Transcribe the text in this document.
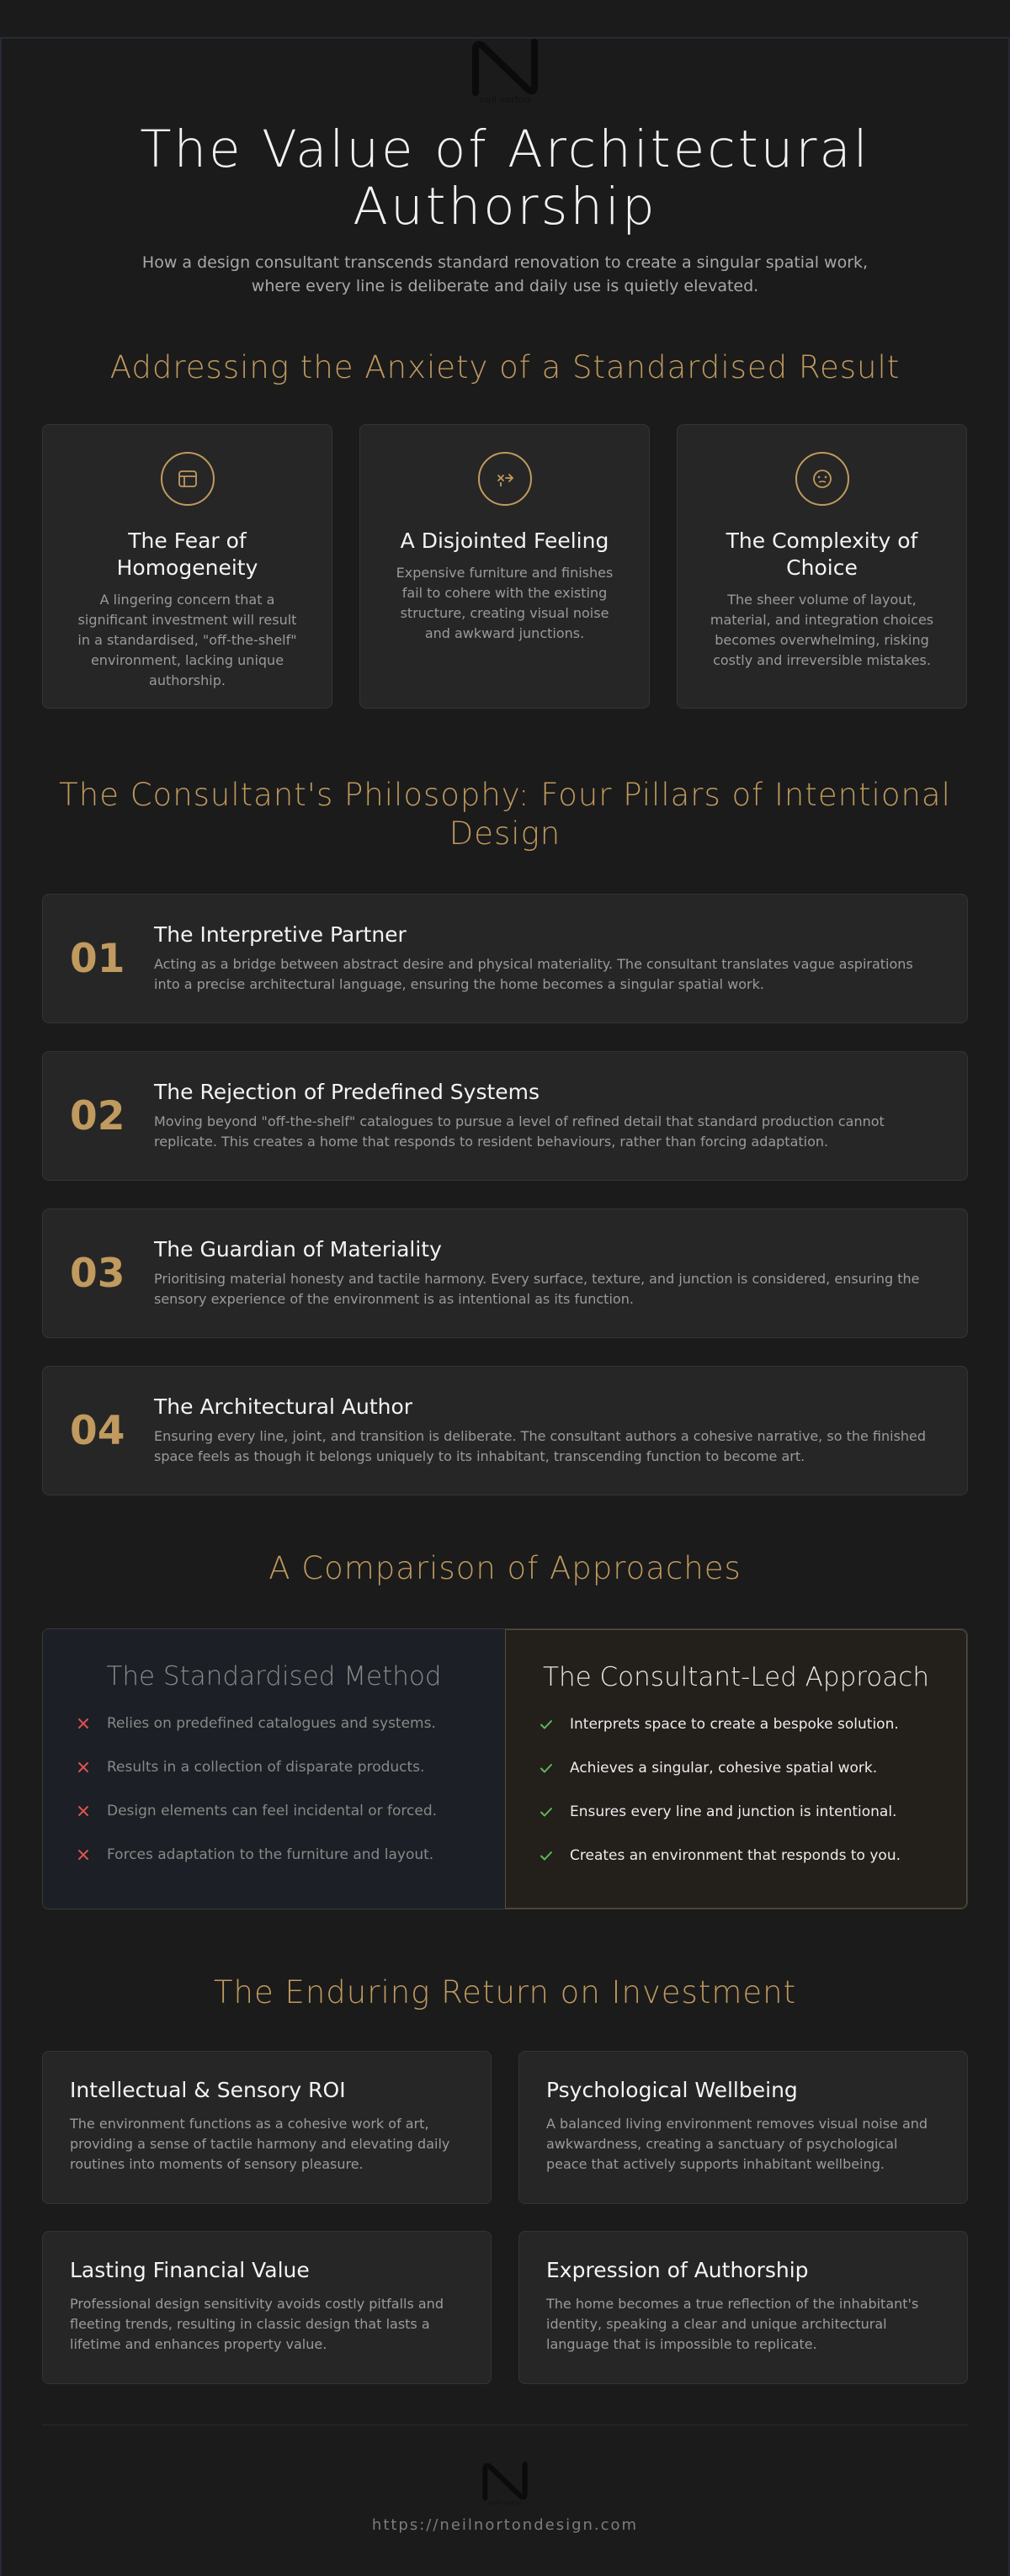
neil norton
The Value of Architectural Authorship

How a design consultant transcends standard renovation to create a singular spatial work, where every line is deliberate and daily use is quietly elevated.

Addressing the Anxiety of a Standardised Result
The Fear of Homogeneity

A lingering concern that a significant investment will result in a standardised, "off-the-shelf" environment, lacking unique authorship.

A Disjointed Feeling

Expensive furniture and finishes fail to cohere with the existing structure, creating visual noise and awkward junctions.

The Complexity of Choice

The sheer volume of layout, material, and integration choices becomes overwhelming, risking costly and irreversible mistakes.

The Consultant's Philosophy: Four Pillars of Intentional Design
01
The Interpretive Partner

Acting as a bridge between abstract desire and physical materiality. The consultant translates vague aspirations into a precise architectural language, ensuring the home becomes a singular spatial work.

02
The Rejection of Predefined Systems

Moving beyond "off-the-shelf" catalogues to pursue a level of refined detail that standard production cannot replicate. This creates a home that responds to resident behaviours, rather than forcing adaptation.

03
The Guardian of Materiality

Prioritising material honesty and tactile harmony. Every surface, texture, and junction is considered, ensuring the sensory experience of the environment is as intentional as its function.

04
The Architectural Author

Ensuring every line, joint, and transition is deliberate. The consultant authors a cohesive narrative, so the finished space feels as though it belongs uniquely to its inhabitant, transcending function to become art.

A Comparison of Approaches
The Standardised Method
Relies on predefined catalogues and systems.
Results in a collection of disparate products.
Design elements can feel incidental or forced.
Forces adaptation to the furniture and layout.
The Consultant-Led Approach
Interprets space to create a bespoke solution.
Achieves a singular, cohesive spatial work.
Ensures every line and junction is intentional.
Creates an environment that responds to you.
The Enduring Return on Investment
Intellectual & Sensory ROI

The environment functions as a cohesive work of art, providing a sense of tactile harmony and elevating daily routines into moments of sensory pleasure.

Psychological Wellbeing

A balanced living environment removes visual noise and awkwardness, creating a sanctuary of psychological peace that actively supports inhabitant wellbeing.

Lasting Financial Value

Professional design sensitivity avoids costly pitfalls and fleeting trends, resulting in classic design that lasts a lifetime and enhances property value.

Expression of Authorship

The home becomes a true reflection of the inhabitant's identity, speaking a clear and unique architectural language that is impossible to replicate.

neil norton
https://neilnortondesign.com
